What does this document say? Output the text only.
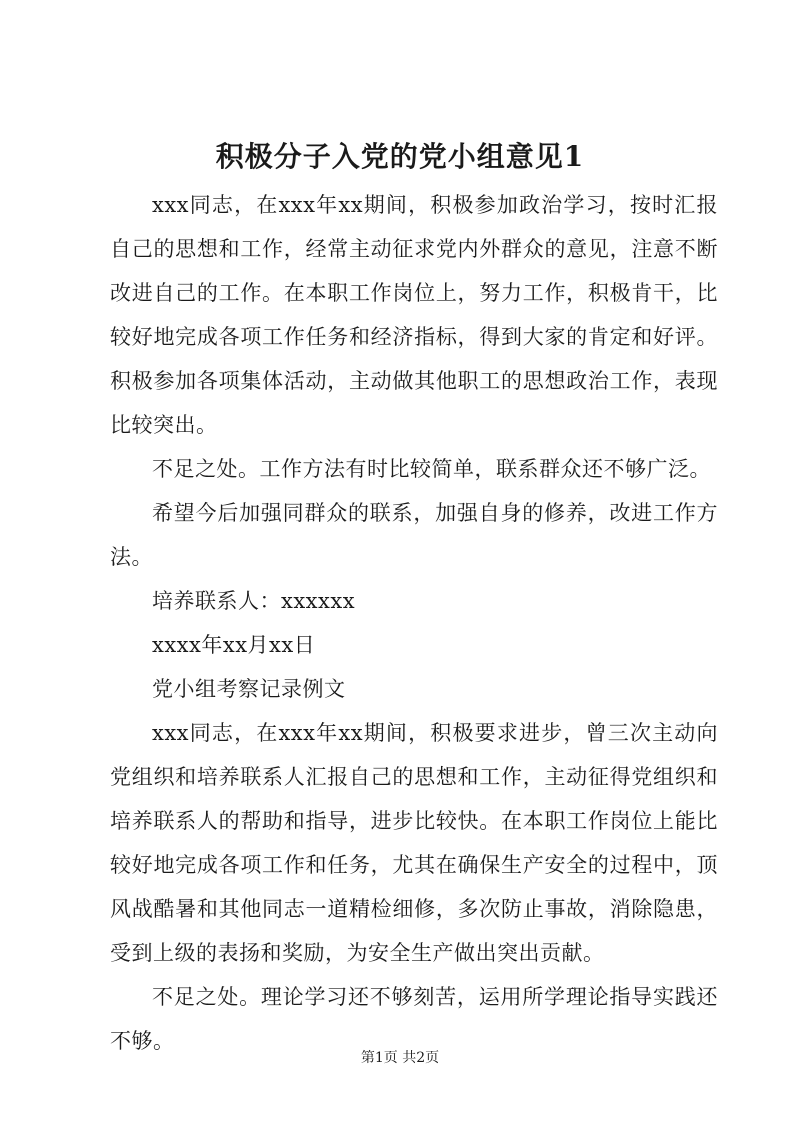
积极分子入党的党小组意见1

xxx同志，在xxx年xx期间，积极参加政治学习，按时汇报自己的思想和工作，经常主动征求党内外群众的意见，注意不断改进自己的工作。在本职工作岗位上，努力工作，积极肯干，比较好地完成各项工作任务和经济指标，得到大家的肯定和好评。积极参加各项集体活动，主动做其他职工的思想政治工作，表现比较突出。

不足之处。工作方法有时比较简单，联系群众还不够广泛。

希望今后加强同群众的联系，加强自身的修养，改进工作方法。

培养联系人：xxxxxx

xxxx年xx月xx日

党小组考察记录例文

xxx同志，在xxx年xx期间，积极要求进步，曾三次主动向党组织和培养联系人汇报自己的思想和工作，主动征得党组织和培养联系人的帮助和指导，进步比较快。在本职工作岗位上能比较好地完成各项工作和任务，尤其在确保生产安全的过程中，顶风战酷暑和其他同志一道精检细修，多次防止事故，消除隐患，受到上级的表扬和奖励，为安全生产做出突出贡献。

不足之处。理论学习还不够刻苦，运用所学理论指导实践还不够。

第1页 共2页
